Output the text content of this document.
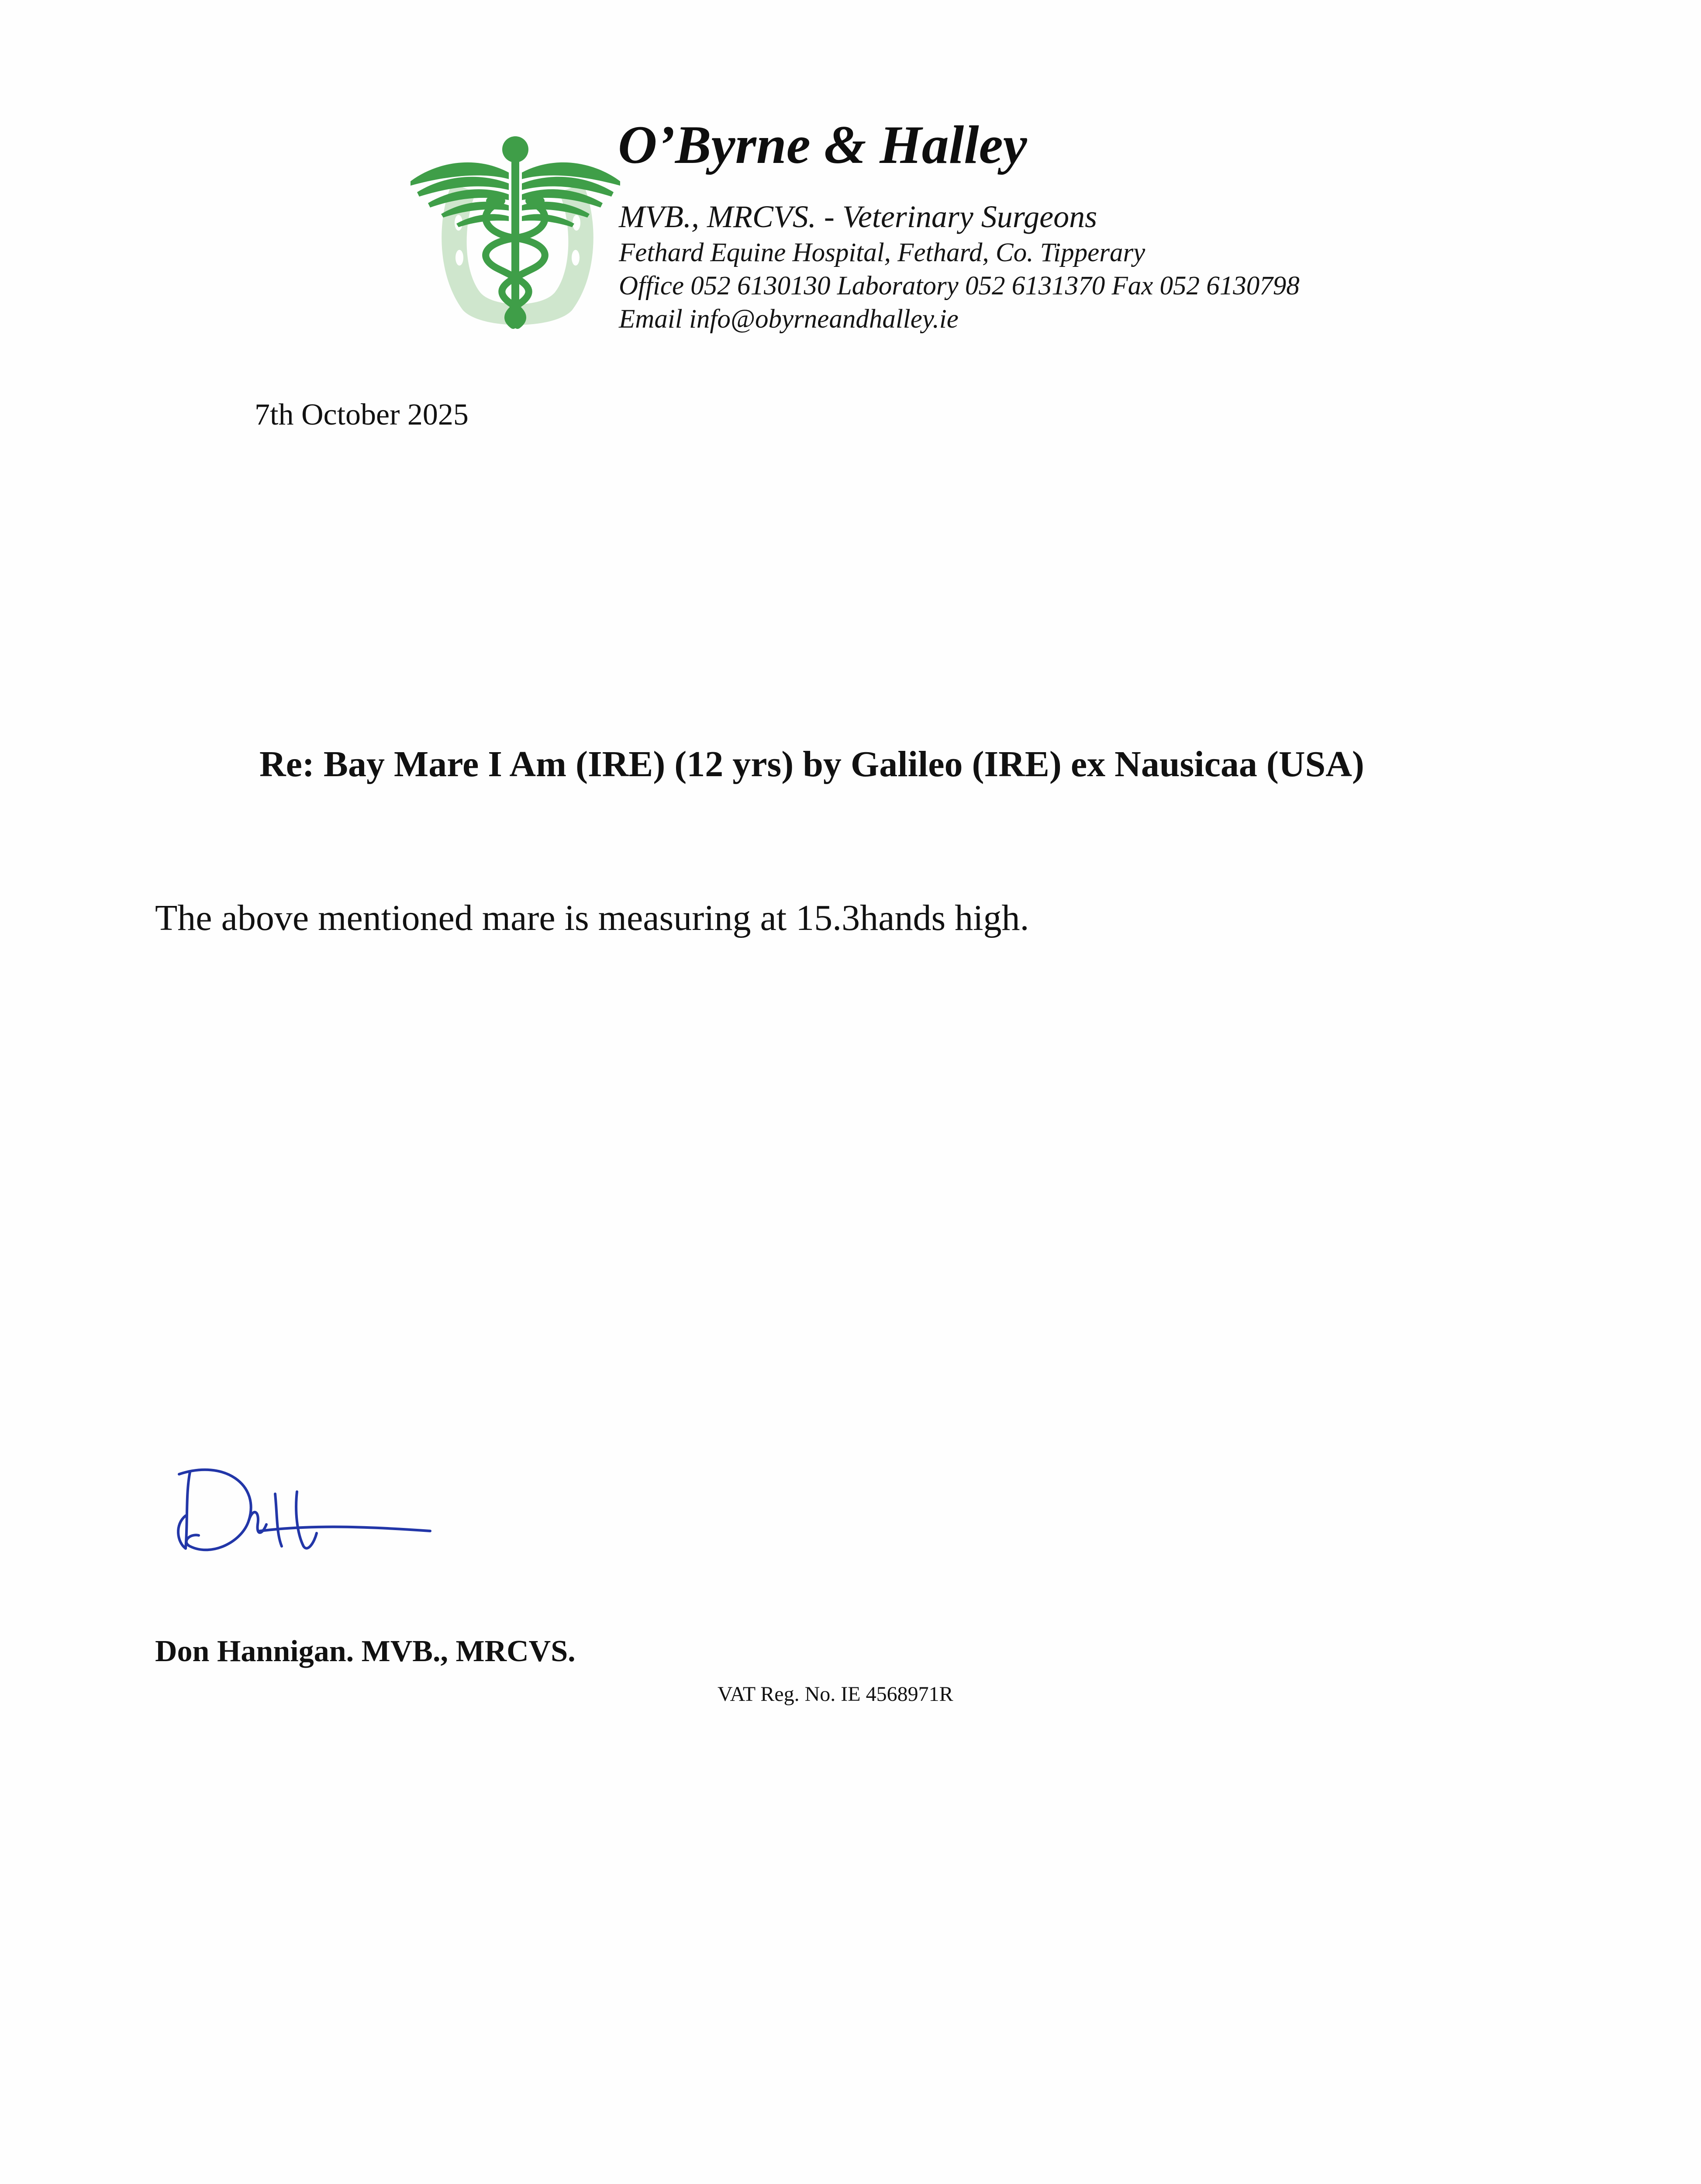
O’Byrne & Halley
MVB., MRCVS. - Veterinary Surgeons
Fethard Equine Hospital, Fethard, Co. Tipperary
Office 052 6130130 Laboratory 052 6131370 Fax 052 6130798
Email info@obyrneandhalley.ie
7th October 2025
Re: Bay Mare I Am (IRE) (12 yrs) by Galileo (IRE) ex Nausicaa (USA)
The above mentioned mare is measuring at 15.3hands high.
Don Hannigan. MVB., MRCVS.
VAT Reg. No. IE 4568971R
